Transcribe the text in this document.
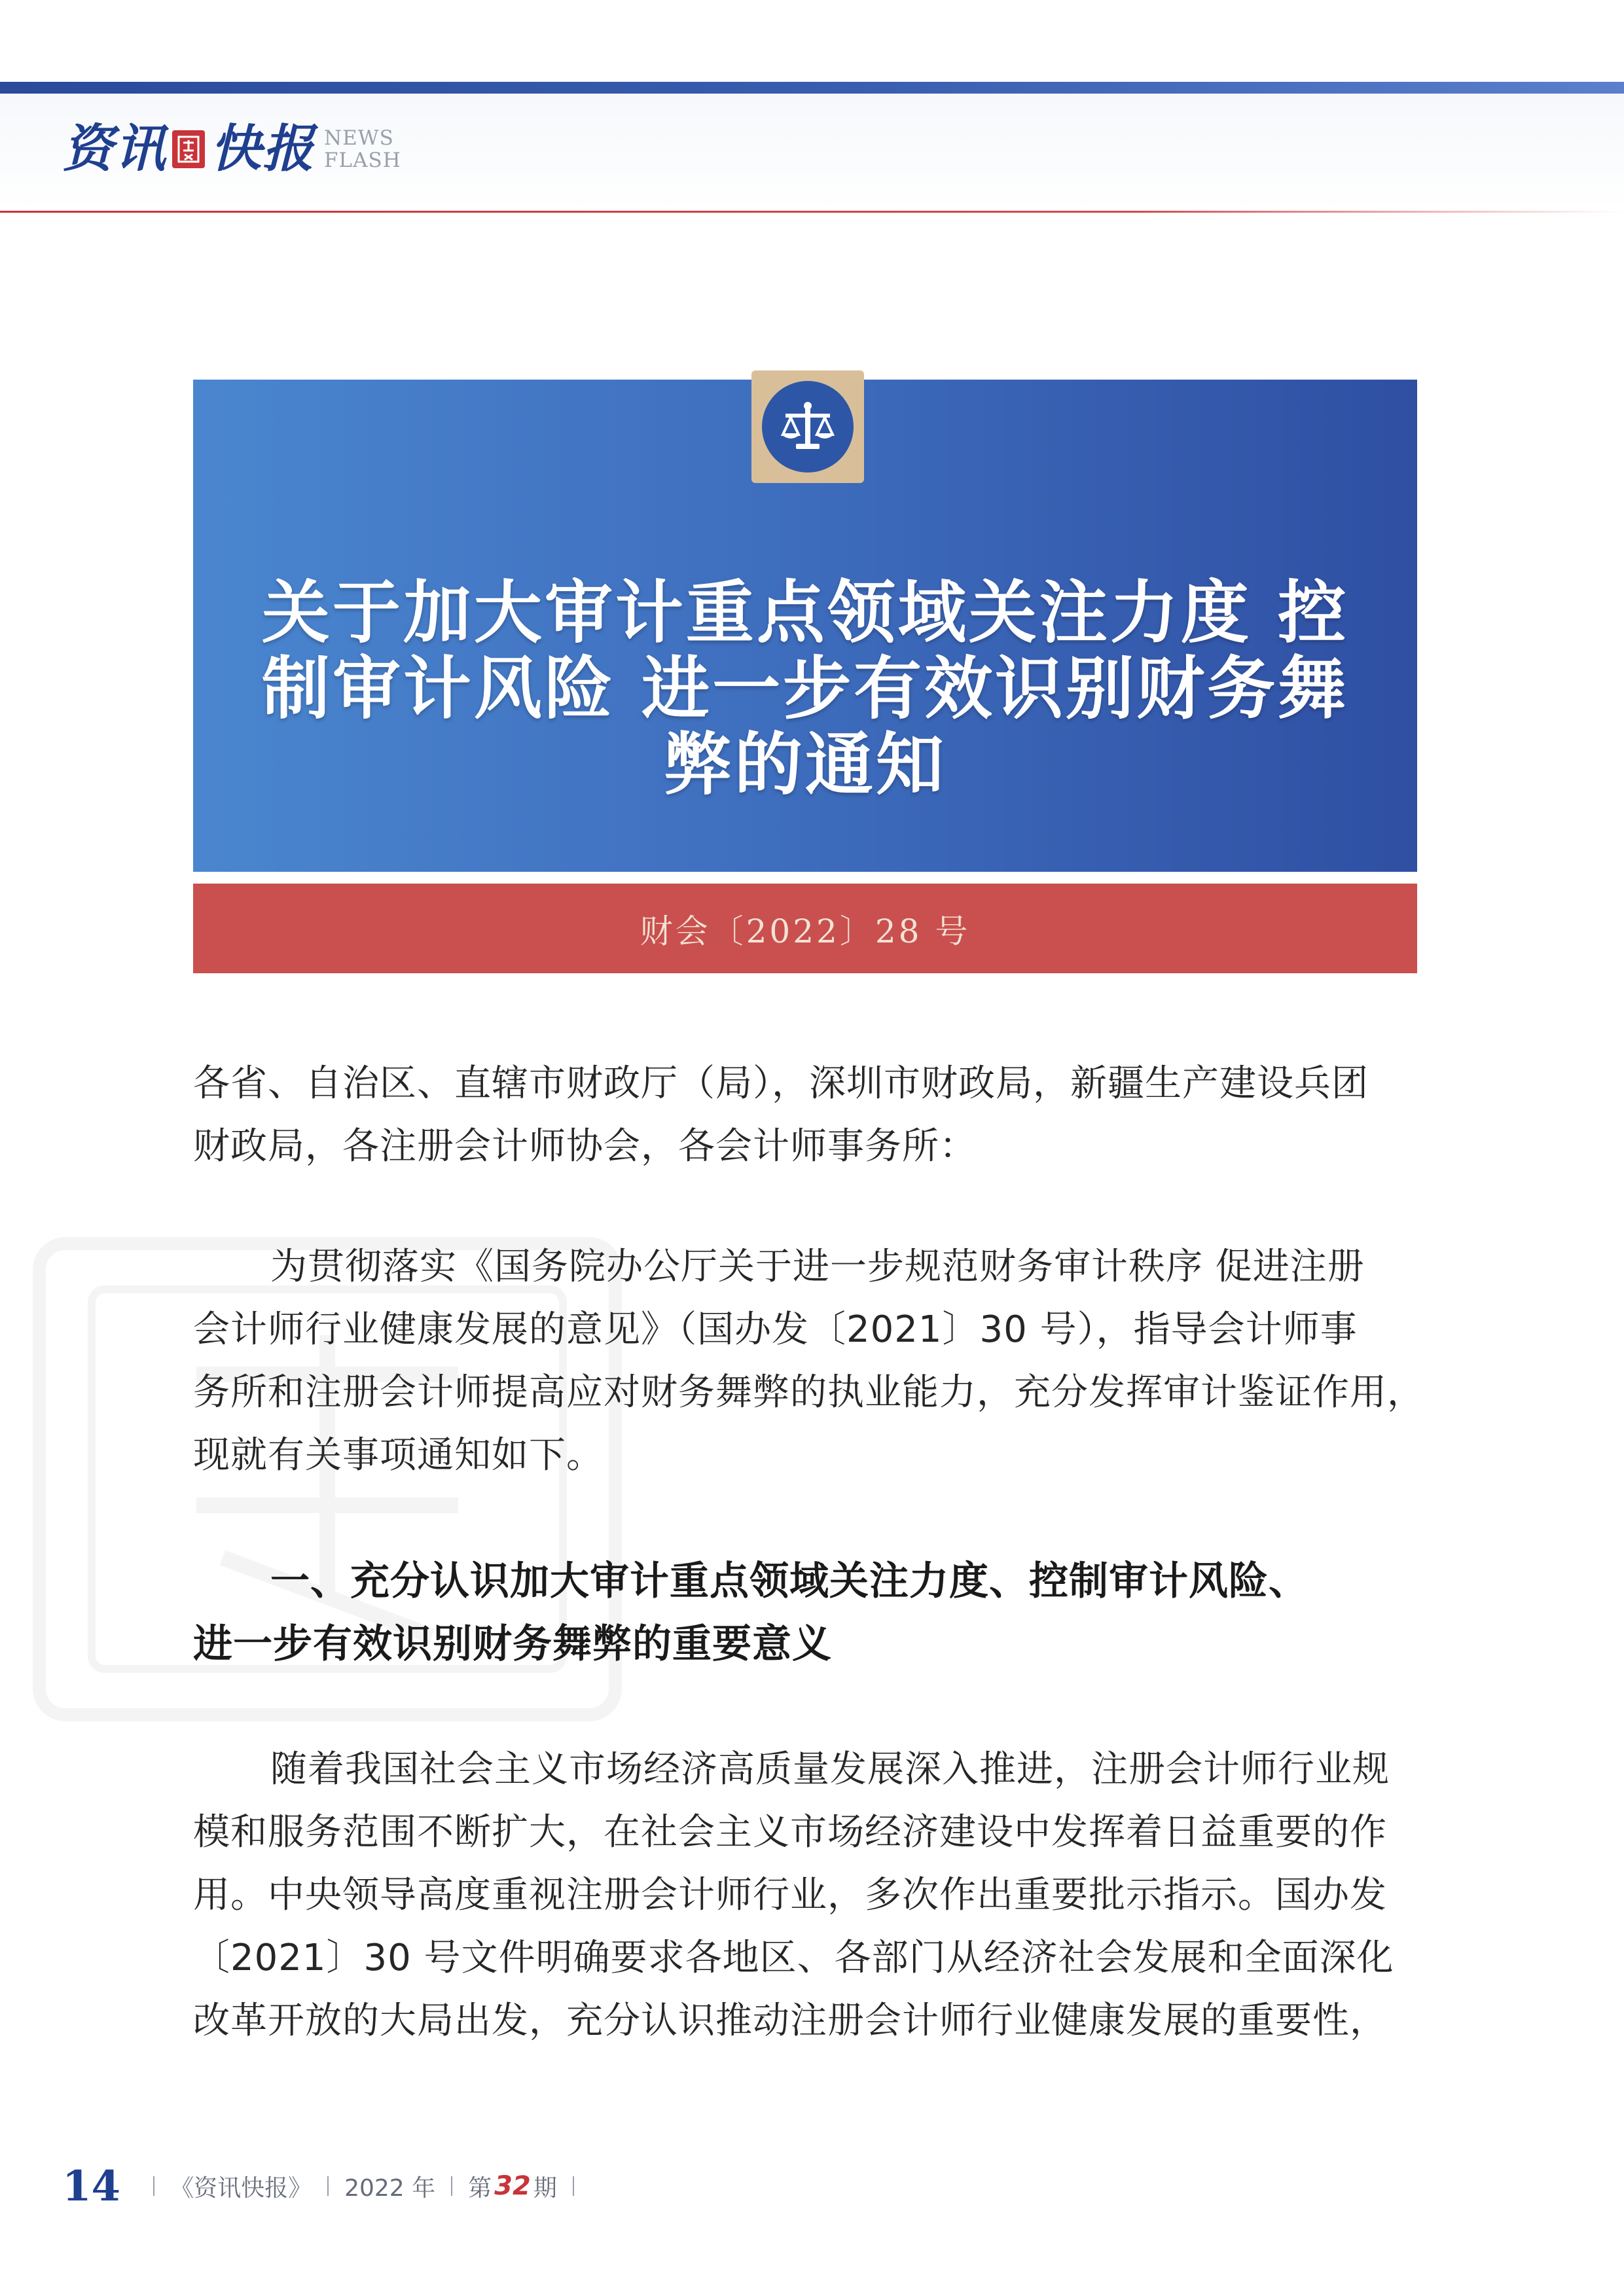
资讯 快报 NEWS
FLASH
关于加大审计重点领域关注力度 控
制审计风险 进一步有效识别财务舞
弊的通知
财会〔2022〕28 号
各省、自治区、直辖市财政厅（局），深圳市财政局，新疆生产建设兵团
财政局，各注册会计师协会，各会计师事务所：
为贯彻落实《国务院办公厅关于进一步规范财务审计秩序 促进注册
会计师行业健康发展的意见》（国办发〔2021〕30 号），指导会计师事
务所和注册会计师提高应对财务舞弊的执业能力，充分发挥审计鉴证作用，
现就有关事项通知如下。
一、充分认识加大审计重点领域关注力度、控制审计风险、
进一步有效识别财务舞弊的重要意义
随着我国社会主义市场经济高质量发展深入推进，注册会计师行业规
模和服务范围不断扩大，在社会主义市场经济建设中发挥着日益重要的作
用。中央领导高度重视注册会计师行业，多次作出重要批示指示。国办发
〔2021〕30 号文件明确要求各地区、各部门从经济社会发展和全面深化
改革开放的大局出发，充分认识推动注册会计师行业健康发展的重要性，
14 《资讯快报》 2022 年 第 32 期
